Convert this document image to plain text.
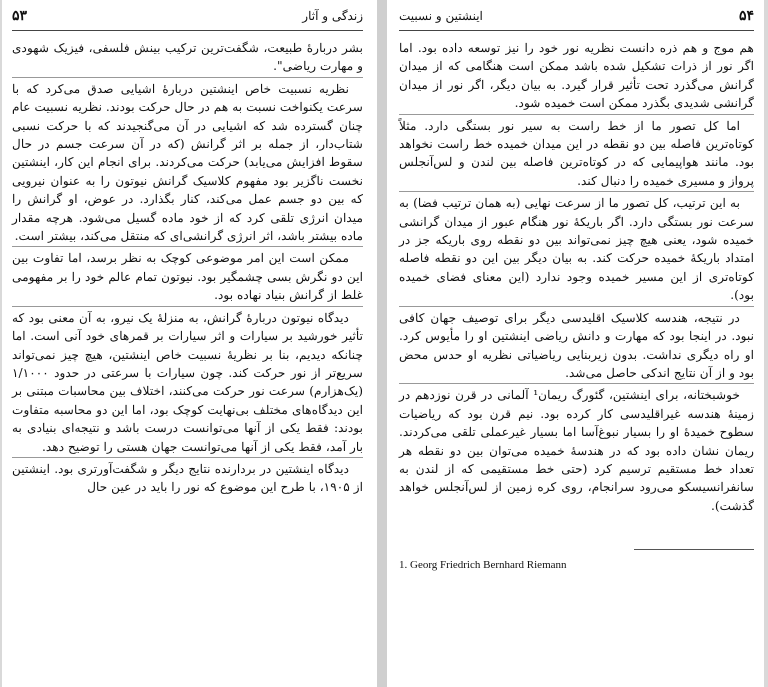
زندگی و آثار
۵۳

بشر دربارهٔ طبیعت، شگفت‌ترین ترکیب بینش فلسفی، فیزیک شهودی و مهارت ریاضی".

نظریه نسبیت خاص اینشتین دربارهٔ اشیایی صدق می‌کرد که با سرعت یکنواخت نسبت به هم در حال حرکت بودند. نظریه نسبیت عام چنان گسترده شد که اشیایی در آن می‌گنجیدند که با حرکت نسبی شتاب‌دار، از جمله بر اثر گرانش (که در آن سرعت جسم در حال سقوط افزایش می‌یابد) حرکت می‌کردند. برای انجام این کار، اینشتین نخست ناگزیر بود مفهوم کلاسیک گرانش نیوتون را به عنوان نیرویی که بین دو جسم عمل می‌کند، کنار بگذارد. در عوض، او گرانش را میدان انرژی تلقی کرد که از خود ماده گسیل می‌شود. هرچه مقدار ماده بیشتر باشد، اثر انرژی گرانشی‌ای که منتقل می‌کند، بیشتر است.

ممکن است این امر موضوعی کوچک به نظر برسد، اما تفاوت بین این دو نگرش بسی چشمگیر بود. نیوتون تمام عالم خود را بر مفهومی غلط از گرانش بنیاد نهاده بود.

دیدگاه نیوتون دربارهٔ گرانش، به منزلهٔ یک نیرو، به آن معنی بود که تأثیر خورشید بر سیارات و اثر سیارات بر قمرهای خود آنی است. اما چنانکه دیدیم، بنا بر نظریهٔ نسبیت خاص اینشتین، هیچ چیز نمی‌تواند سریع‌تر از نور حرکت کند. چون سیارات با سرعتی در حدود ۱/۱۰۰۰ (یک‌هزارم) سرعت نور حرکت می‌کنند، اختلاف بین محاسبات مبتنی بر این دیدگاه‌های مختلف بی‌نهایت کوچک بود، اما این دو محاسبه متفاوت بودند: فقط یکی از آنها می‌توانست درست باشد و نتیجه‌ای بنیادی به بار آمد، فقط یکی از آنها می‌توانست جهان هستی را توضیح دهد.

دیدگاه اینشتین در بردارنده نتایج دیگر و شگفت‌آورتری بود. اینشتین از ۱۹۰۵، با طرح این موضوع که نور را باید در عین حال

۵۴
اینشتین و نسبیت

هم موج و هم ذره دانست نظریه نور خود را نیز توسعه داده بود. اما اگر نور از ذرات تشکیل شده باشد ممکن است هنگامی که از میدان گرانش می‌گذرد تحت تأثیر قرار گیرد. به بیان دیگر، اگر نور از میدان گرانشی شدیدی بگذرد ممکن است خمیده شود.

اما کل تصور ما از خط راست به سیر نور بستگی دارد. مثلاً کوتاه‌ترین فاصله بین دو نقطه در این میدان خمیده خط راست نخواهد بود. مانند هواپیمایی که در کوتاه‌ترین فاصله بین لندن و لس‌آنجلس پرواز و مسیری خمیده را دنبال کند.

به این ترتیب، کل تصور ما از سرعت نهایی (به همان ترتیب فضا) به سرعت نور بستگی دارد. اگر باریکهٔ نور هنگام عبور از میدان گرانشی خمیده شود، یعنی هیچ چیز نمی‌تواند بین دو نقطه روی باریکه جز در امتداد باریکهٔ خمیده حرکت کند. به بیان دیگر بین این دو نقطه فاصله کوتاه‌تری از این مسیر خمیده وجود ندارد (این معنای فضای خمیده بود).

در نتیجه، هندسه کلاسیک اقلیدسی دیگر برای توصیف جهان کافی نبود. در اینجا بود که مهارت و دانش ریاضی اینشتین او را مأیوس کرد. او راه دیگری نداشت. بدون زیربنایی ریاضیاتی نظریه او حدس محض بود و از آن نتایج اندکی حاصل می‌شد.

خوشبختانه، برای اینشتین، گئورگ ریمان¹ آلمانی در قرن نوزدهم در زمینهٔ هندسه غیراقلیدسی کار کرده بود. نیم قرن بود که ریاضیات سطوح خمیدهٔ او را بسیار نبوغ‌آسا اما بسیار غیرعملی تلقی می‌کردند. ریمان نشان داده بود که در هندسهٔ خمیده می‌توان بین دو نقطه هر تعداد خط مستقیم ترسیم کرد (حتی خط مستقیمی که از لندن به سانفرانسیسکو می‌رود سرانجام، روی کره زمین از لس‌آنجلس خواهد گذشت).

1. Georg Friedrich Bernhard Riemann
